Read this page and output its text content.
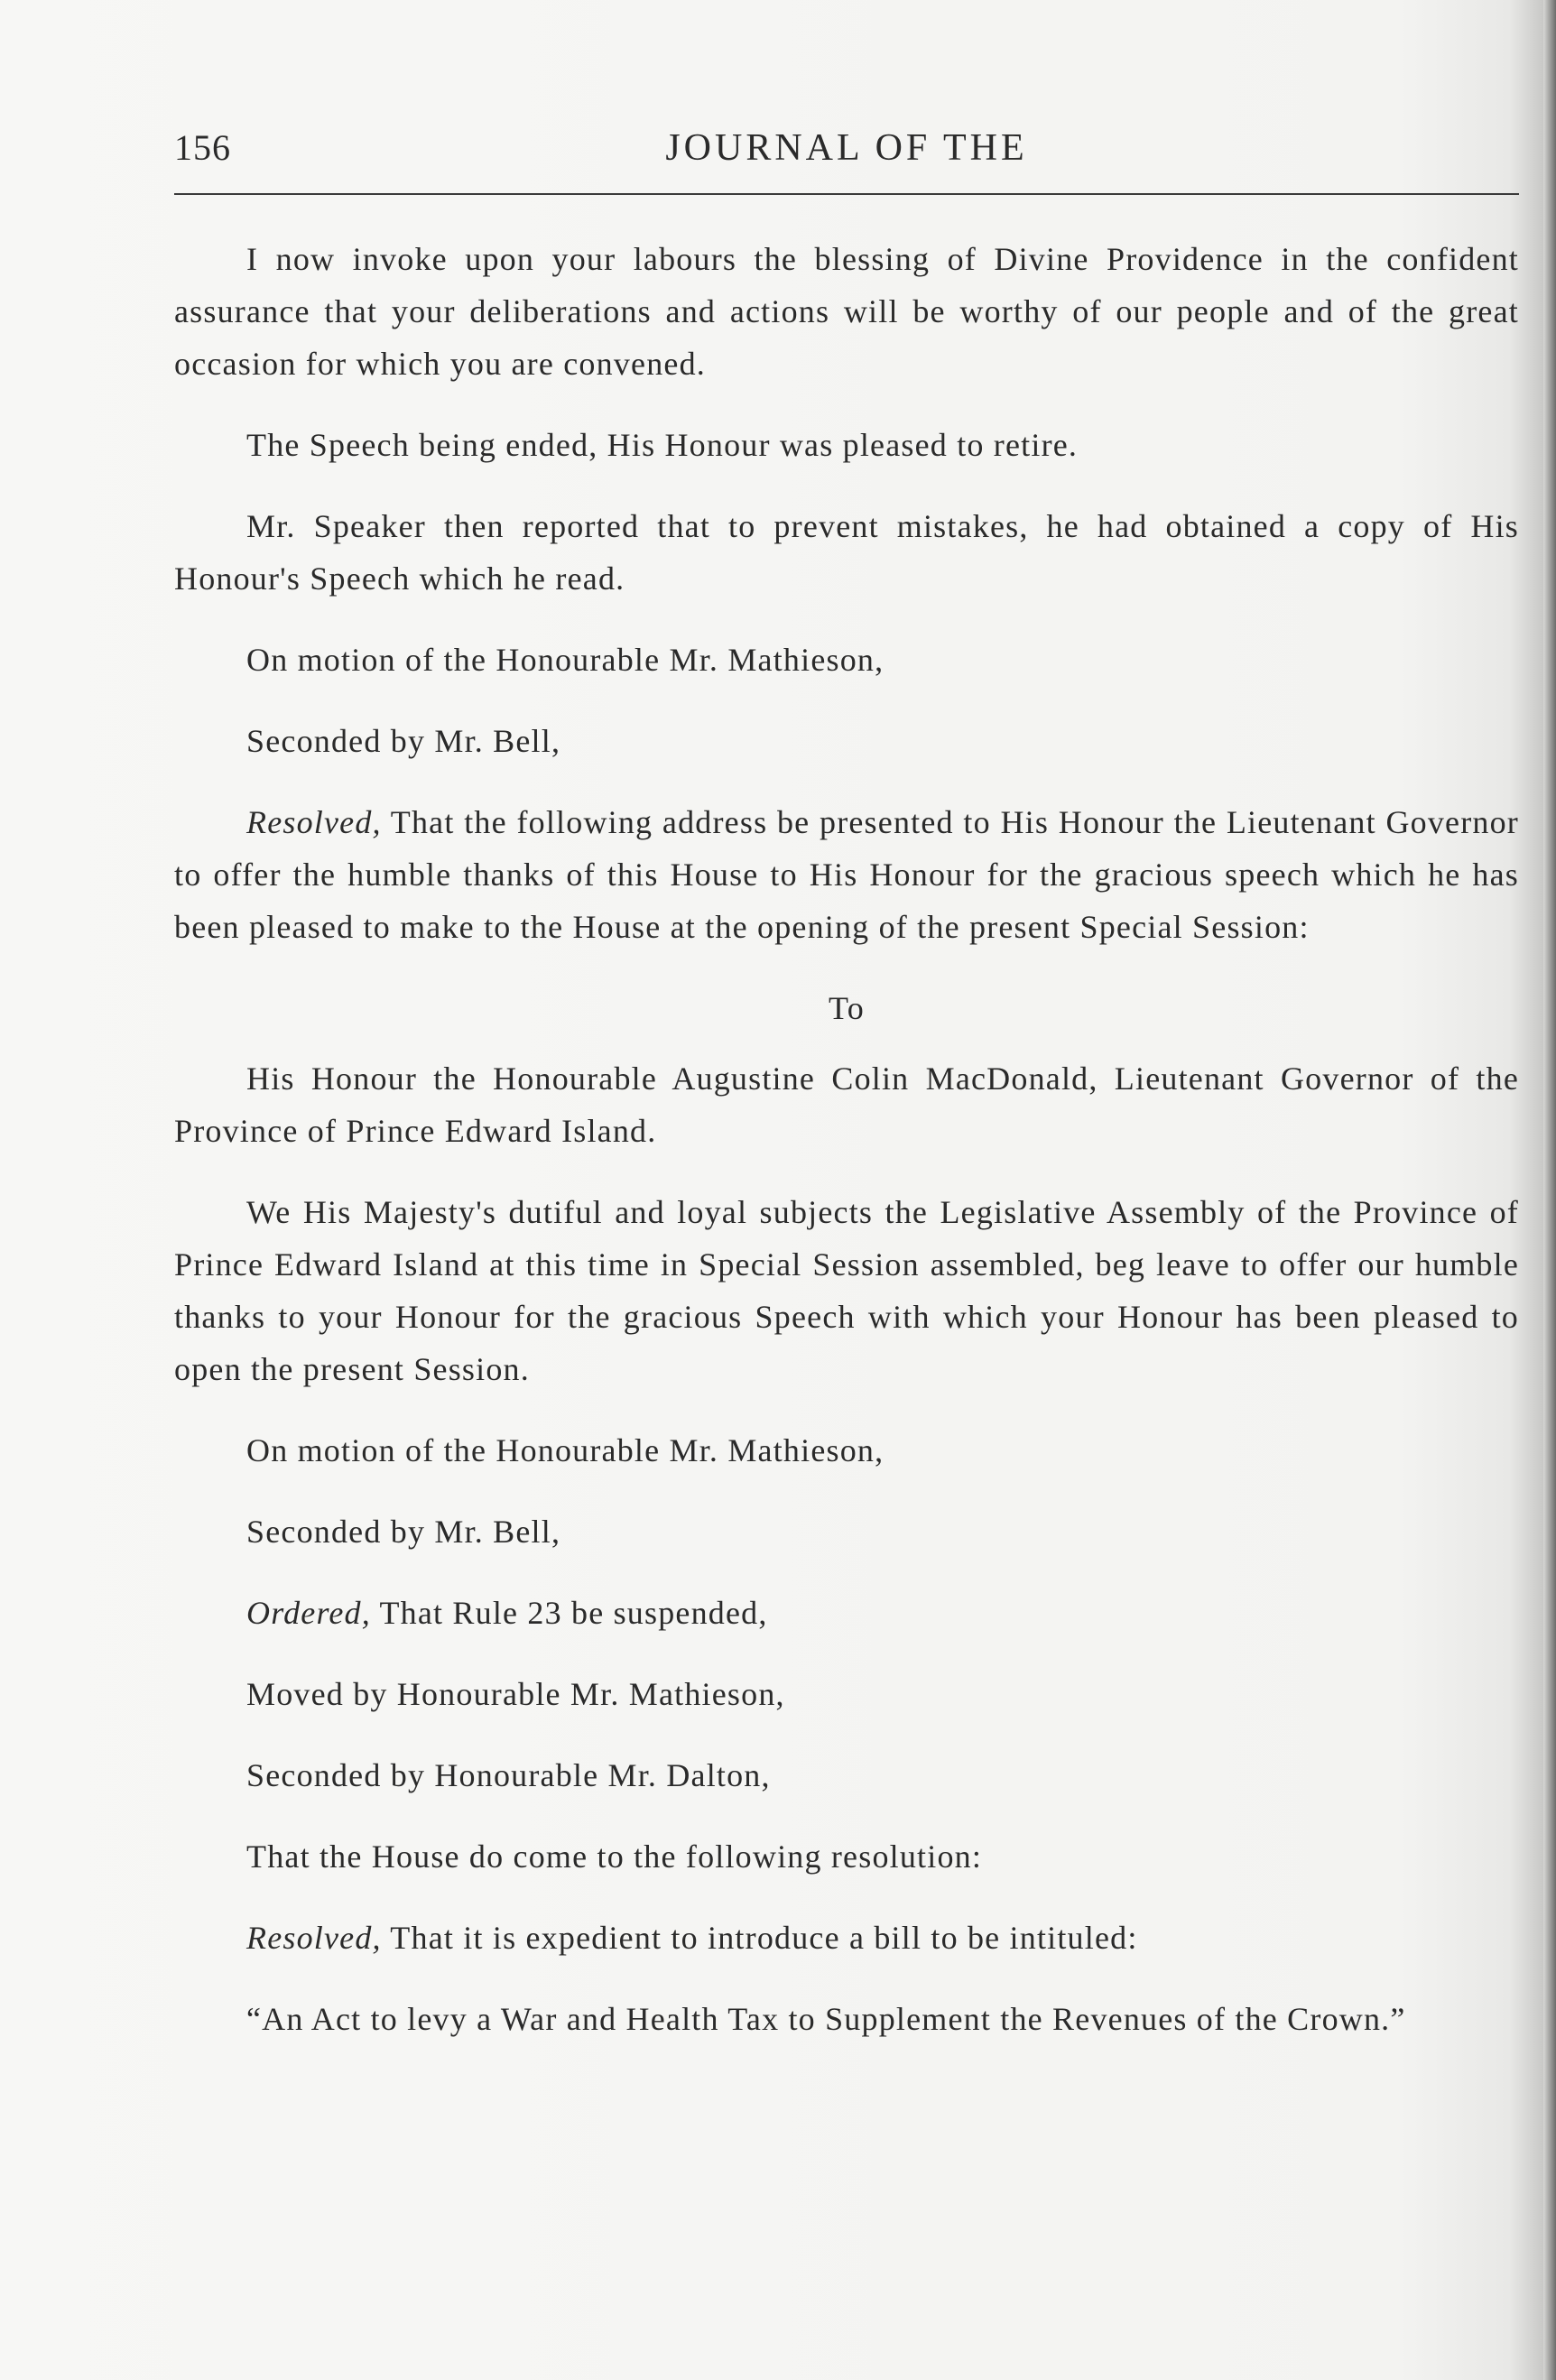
156	JOURNAL OF THE

I now invoke upon your labours the blessing of Divine Providence in the confident assurance that your deliberations and actions will be worthy of our people and of the great occasion for which you are convened.

The Speech being ended, His Honour was pleased to retire.

Mr. Speaker then reported that to prevent mistakes, he had obtained a copy of His Honour's Speech which he read.

On motion of the Honourable Mr. Mathieson,

Seconded by Mr. Bell,

Resolved, That the following address be presented to His Honour the Lieutenant Governor to offer the humble thanks of this House to His Honour for the gracious speech which he has been pleased to make to the House at the opening of the present Special Session:

To

His Honour the Honourable Augustine Colin MacDonald, Lieutenant Governor of the Province of Prince Edward Island.

We His Majesty's dutiful and loyal subjects the Legislative Assembly of the Province of Prince Edward Island at this time in Special Session assembled, beg leave to offer our humble thanks to your Honour for the gracious Speech with which your Honour has been pleased to open the present Session.

On motion of the Honourable Mr. Mathieson,

Seconded by Mr. Bell,

Ordered, That Rule 23 be suspended,

Moved by Honourable Mr. Mathieson,

Seconded by Honourable Mr. Dalton,

That the House do come to the following resolution:

Resolved, That it is expedient to introduce a bill to be intituled:

“An Act to levy a War and Health Tax to Supplement the Revenues of the Crown.”
